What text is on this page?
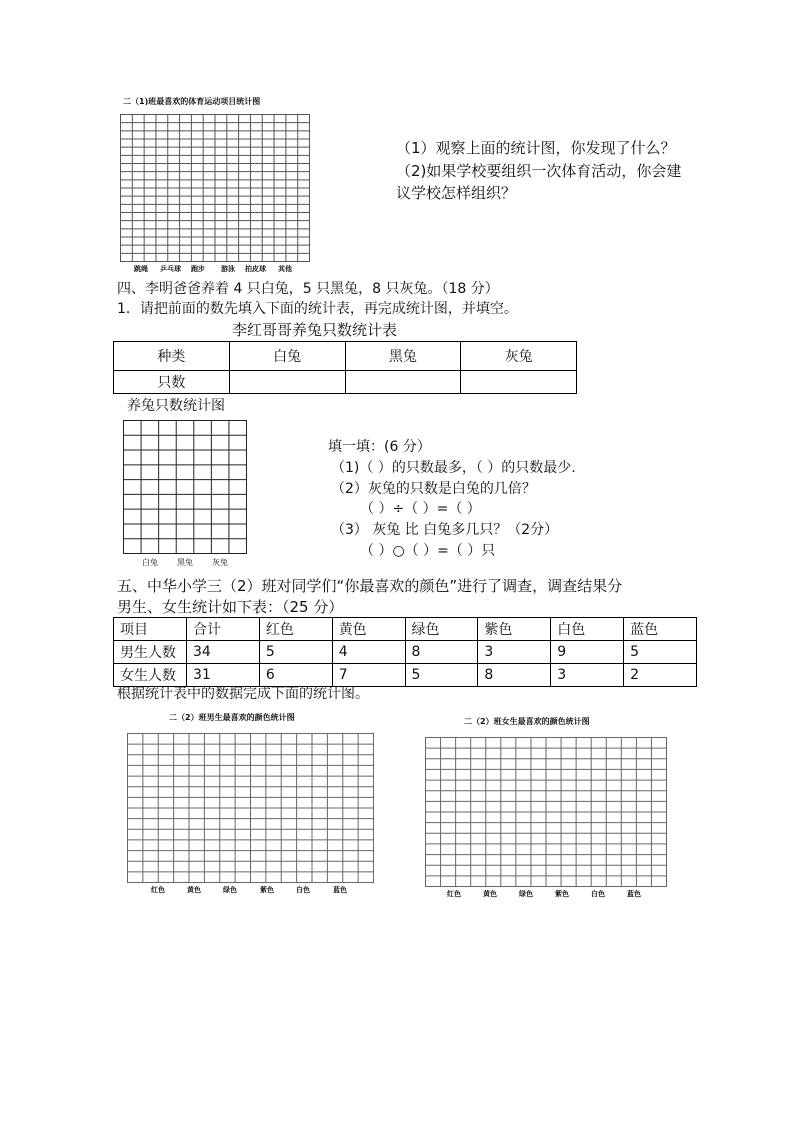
二（1)班最喜欢的体育运动项目统计图
跳绳 乒乓球 跑步 游泳 拍皮球 其他
（1）观察上面的统计图，你发现了什么？
（2)如果学校要组织一次体育活动，你会建
议学校怎样组织？
四、李明爸爸养着 4 只白兔，5 只黑兔，8 只灰兔。（18 分）
1．请把前面的数先填入下面的统计表，再完成统计图，并填空。
李红哥哥养兔只数统计表
种类	白兔	黑兔	灰兔
只数			
养兔只数统计图
白兔 黑兔 灰兔
填一填：(6 分）
（1)（ ）的只数最多，（ ）的只数最少.
（2）灰兔的只数是白兔的几倍？
（ ）÷（ ）=（ ）
（3） 灰兔 比 白兔多几只？（2分）
（ ）○（ ）=（ ）只
五、中华小学三（2）班对同学们“你最喜欢的颜色”进行了调查，调查结果分
男生、女生统计如下表：（25 分）
项目	合计	红色	黄色	绿色	紫色	白色	蓝色
男生人数	34	5	4	8	3	9	5
女生人数	31	6	7	5	8	3	2
根据统计表中的数据完成下面的统计图。
二（2）班男生最喜欢的颜色统计图
红色	黄色	绿色	紫色	白色	蓝色
二（2）班女生最喜欢的颜色统计图
红色	黄色	绿色	紫色	白色	蓝色
